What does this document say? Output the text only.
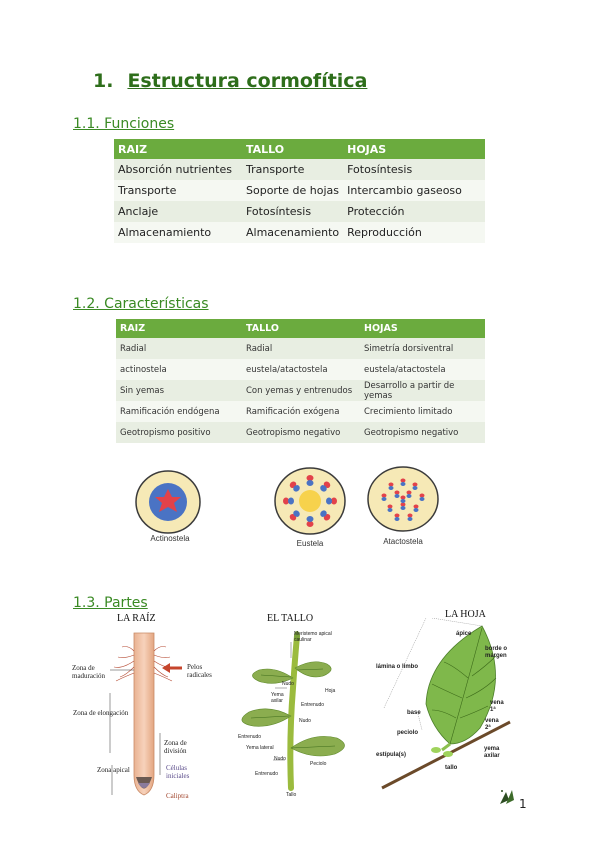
1. Estructura cormofítica
1.1. Funciones
RAIZ	TALLO	HOJAS
Absorción nutrientes	Transporte	Fotosíntesis
Transporte	Soporte de hojas	Intercambio gaseoso
Anclaje	Fotosíntesis	Protección
Almacenamiento	Almacenamiento	Reproducción
1.2. Características
RAIZ	TALLO	HOJAS
Radial	Radial	Simetría dorsiventral
actinostela	eustela/atactostela	eustela/atactostela
Sin yemas	Con yemas y entrenudos	Desarrollo a partir de yemas
Ramificación endógena	Ramificación exógena	Crecimiento limitado
Geotropismo positivo	Geotropismo negativo	Geotropismo negativo
Actinostela
Eustela	Atactostela
1.3. Partes
LA RAÍZ
Zona de maduración
Pelos radicales
Zona de elongación
Zona de división
Zona apical	Células iniciales
Caliptra
EL TALLO
Meristemo apical caulinar
Nudo
Hoja
Yema axilar
Entrenudo
Nudo
Entrenudo
Yema lateral
Nudo
Peciolo
Entrenudo
Tallo
LA HOJA
ápice
borde o margen
lámina o limbo
vena 1ª
base
vena 2ª
peciolo
estípula(s)
yema axilar
tallo
1
